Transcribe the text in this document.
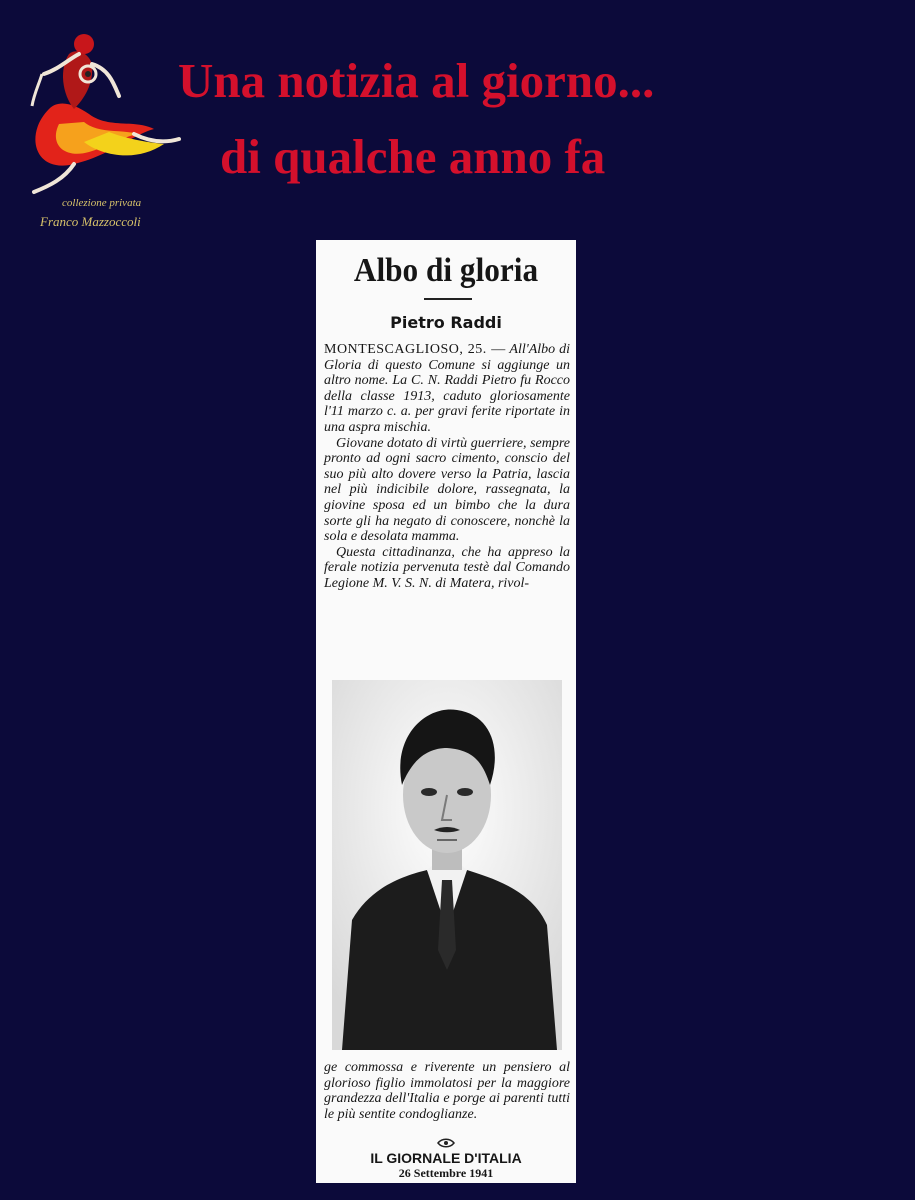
collezione privata
Franco Mazzoccoli
Una notizia al giorno...
di qualche anno fa
Albo di gloria
Pietro Raddi

MONTESCAGLIOSO, 25. — All'Albo di Gloria di questo Comune si aggiunge un altro nome. La C. N. Raddi Pietro fu Rocco della classe 1913, caduto gloriosamente l'11 marzo c. a. per gravi ferite riportate in una aspra mischia.

Giovane dotato di virtù guerriere, sempre pronto ad ogni sacro cimento, conscio del suo più alto dovere verso la Patria, lascia nel più indicibile dolore, rassegnata, la giovine sposa ed un bimbo che la dura sorte gli ha negato di conoscere, nonchè la sola e desolata mamma.

Questa cittadinanza, che ha appreso la ferale notizia pervenuta testè dal Comando Legione M. V. S. N. di Matera, rivol-

ge commossa e riverente un pensiero al glorioso figlio immolatosi per la maggiore grandezza dell'Italia e porge ai parenti tutti le più sentite condoglianze.

IL GIORNALE D'ITALIA
26 Settembre 1941
